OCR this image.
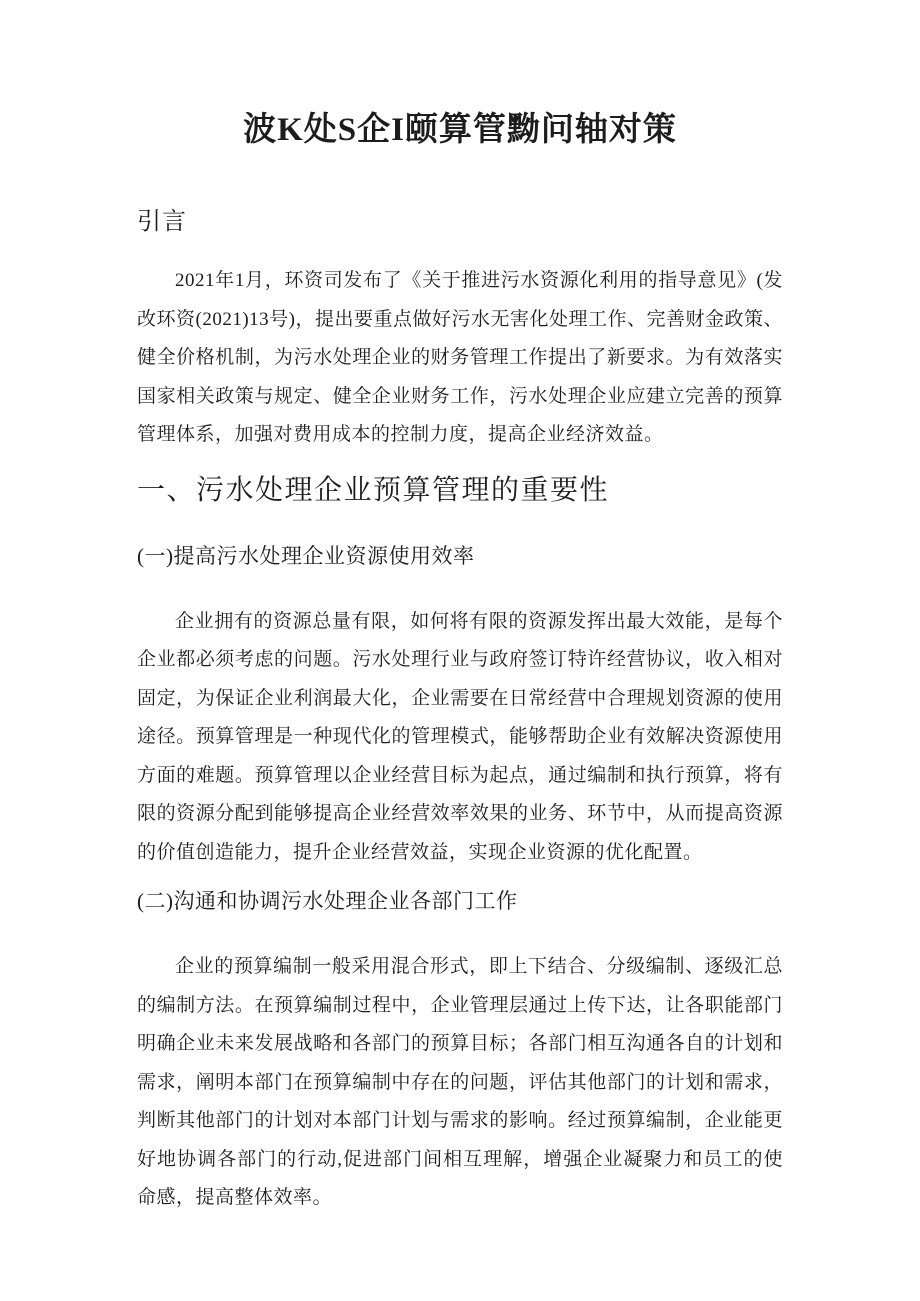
波K处S企I颐算管黝问轴对策
引言

2021年1月，环资司发布了《关于推进污水资源化利用的指导意见》(发改环资(2021)13号)，提出要重点做好污水无害化处理工作、完善财金政策、健全价格机制，为污水处理企业的财务管理工作提出了新要求。为有效落实国家相关政策与规定、健全企业财务工作，污水处理企业应建立完善的预算管理体系，加强对费用成本的控制力度，提高企业经济效益。

一、污水处理企业预算管理的重要性
(一)提高污水处理企业资源使用效率

企业拥有的资源总量有限，如何将有限的资源发挥出最大效能，是每个企业都必须考虑的问题。污水处理行业与政府签订特许经营协议，收入相对固定，为保证企业利润最大化，企业需要在日常经营中合理规划资源的使用途径。预算管理是一种现代化的管理模式，能够帮助企业有效解决资源使用方面的难题。预算管理以企业经营目标为起点，通过编制和执行预算，将有限的资源分配到能够提高企业经营效率效果的业务、环节中，从而提高资源的价值创造能力，提升企业经营效益，实现企业资源的优化配置。

(二)沟通和协调污水处理企业各部门工作

企业的预算编制一般采用混合形式，即上下结合、分级编制、逐级汇总的编制方法。在预算编制过程中，企业管理层通过上传下达，让各职能部门明确企业未来发展战略和各部门的预算目标；各部门相互沟通各自的计划和需求，阐明本部门在预算编制中存在的问题，评估其他部门的计划和需求，判断其他部门的计划对本部门计划与需求的影响。经过预算编制，企业能更好地协调各部门的行动,促进部门间相互理解，增强企业凝聚力和员工的使命感，提高整体效率。
